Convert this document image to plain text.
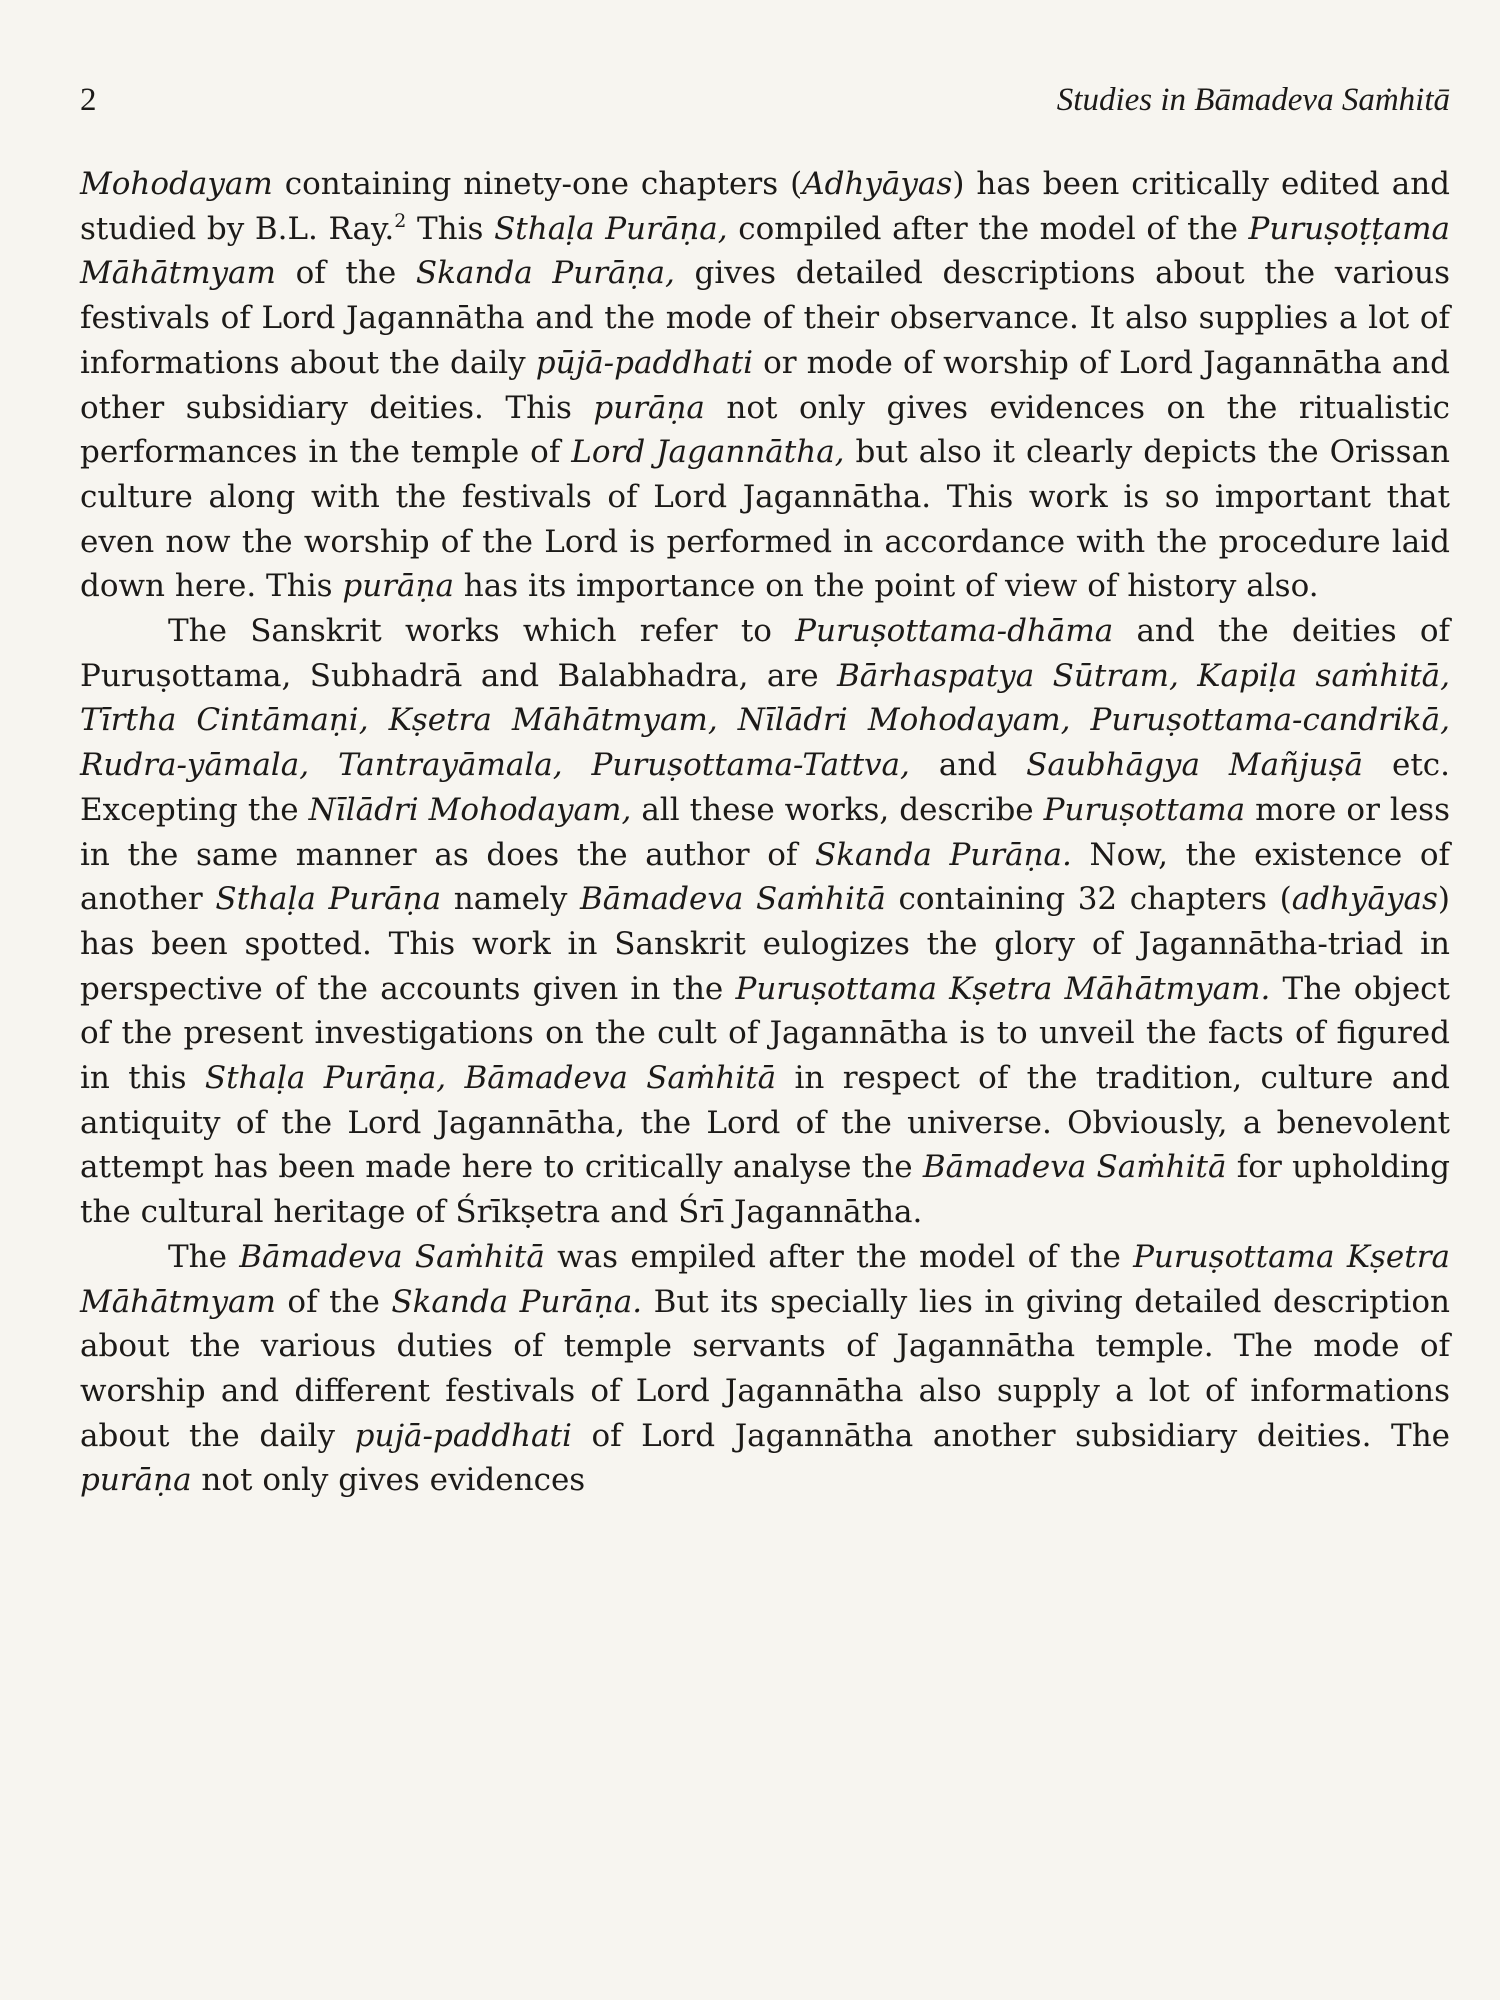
2	Studies in Bāmadeva Saṁhitā

Mohodayam containing ninety-one chapters (Adhyāyas) has been critically edited and studied by B.L. Ray.$^2$ This Sthaḷa Purāṇa, compiled after the model of the Puruṣoṭṭama Māhātmyam of the Skanda Purāṇa, gives detailed descriptions about the various festivals of Lord Jagannātha and the mode of their observance. It also supplies a lot of informations about the daily pūjā-paddhati or mode of worship of Lord Jagannātha and other subsidiary deities. This purāṇa not only gives evidences on the ritualistic performances in the temple of Lord Jagannātha, but also it clearly depicts the Orissan culture along with the festivals of Lord Jagannātha. This work is so important that even now the worship of the Lord is performed in accordance with the procedure laid down here. This purāṇa has its importance on the point of view of history also.

The Sanskrit works which refer to Puruṣottama-dhāma and the deities of Puruṣottama, Subhadrā and Balabhadra, are Bārhaspatya Sūtram, Kapiḷa saṁhitā, Tīrtha Cintāmaṇi, Kṣetra Māhātmyam, Nīlādri Mohodayam, Puruṣottama-candrikā, Rudra-yāmala, Tantrayāmala, Puruṣottama-Tattva, and Saubhāgya Mañjuṣā etc. Excepting the Nīlādri Mohodayam, all these works, describe Puruṣottama more or less in the same manner as does the author of Skanda Purāṇa. Now, the existence of another Sthaḷa Purāṇa namely Bāmadeva Saṁhitā containing 32 chapters (adhyāyas) has been spotted. This work in Sanskrit eulogizes the glory of Jagannātha-triad in perspective of the accounts given in the Puruṣottama Kṣetra Māhātmyam. The object of the present investigations on the cult of Jagannātha is to unveil the facts of figured in this Sthaḷa Purāṇa, Bāmadeva Saṁhitā in respect of the tradition, culture and antiquity of the Lord Jagannātha, the Lord of the universe. Obviously, a benevolent attempt has been made here to critically analyse the Bāmadeva Saṁhitā for upholding the cultural heritage of Śrīkṣetra and Śrī Jagannātha.

The Bāmadeva Saṁhitā was empiled after the model of the Puruṣottama Kṣetra Māhātmyam of the Skanda Purāṇa. But its specially lies in giving detailed description about the various duties of temple servants of Jagannātha temple. The mode of worship and different festivals of Lord Jagannātha also supply a lot of informations about the daily pujā-paddhati of Lord Jagannātha another subsidiary deities. The purāṇa not only gives evidences
